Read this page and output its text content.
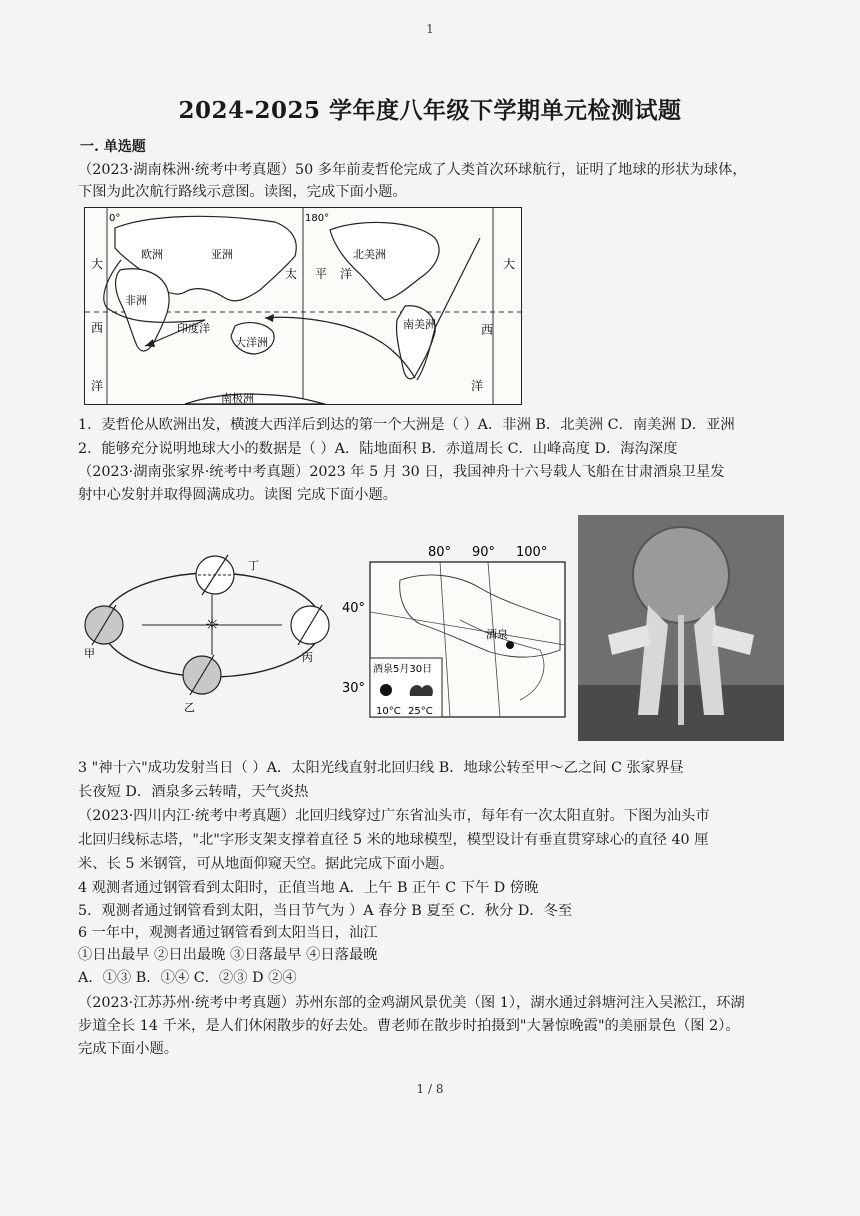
1
2024-2025 学年度八年级下学期单元检测试题
一. 单选题
（2023·湖南株洲·统考中考真题）50 多年前麦哲伦完成了人类首次环球航行，证明了地球的形状为球体，
下图为此次航行路线示意图。读图，完成下面小题。
0°	180°
欧洲	亚洲	北美洲
非洲
印度洋
大洋洲
南美洲
南极洲
太 平 洋
大
西
洋
大
西
洋
1．麦哲伦从欧洲出发，横渡大西洋后到达的第一个大洲是（ ）A．非洲 B．北美洲 C．南美洲 D．亚洲
2．能够充分说明地球大小的数据是（ ）A．陆地面积 B．赤道周长 C．山峰高度 D．海沟深度
（2023·湖南张家界·统考中考真题）2023 年 5 月 30 日，我国神舟十六号载人飞船在甘肃酒泉卫星发
射中心发射并取得圆满成功。读图 完成下面小题。
☼
甲	丙
丁
乙
80° 90° 100°
40°
30°
酒泉
酒泉5月30日
10°C 25°C
3 "神十六"成功发射当日（ ）A．太阳光线直射北回归线 B．地球公转至甲～乙之间 C 张家界昼
长夜短 D．酒泉多云转晴，天气炎热
（2023·四川内江·统考中考真题）北回归线穿过广东省汕头市，每年有一次太阳直射。下图为汕头市
北回归线标志塔，"北"字形支架支撑着直径 5 米的地球模型，模型设计有垂直贯穿球心的直径 40 厘
米、长 5 米钢管，可从地面仰窥天空。据此完成下面小题。
4 观测者通过钢管看到太阳时，正值当地 A．上午 B 正午 C 下午 D 傍晚
5．观测者通过钢管看到太阳，当日节气为 ）A 春分 B 夏至 C．秋分 D．冬至
6 一年中，观测者通过钢管看到太阳当日，汕江
①日出最早 ②日出最晚 ③日落最早 ④日落最晚
A．①③ B．①④ C．②③ D ②④
（2023·江苏苏州·统考中考真题）苏州东部的金鸡湖风景优美（图 1），湖水通过斜塘河注入吴淞江，环湖
步道全长 14 千米，是人们休闲散步的好去处。曹老师在散步时拍摄到"大暑惊晚霞"的美丽景色（图 2）。
完成下面小题。
1 / 8
